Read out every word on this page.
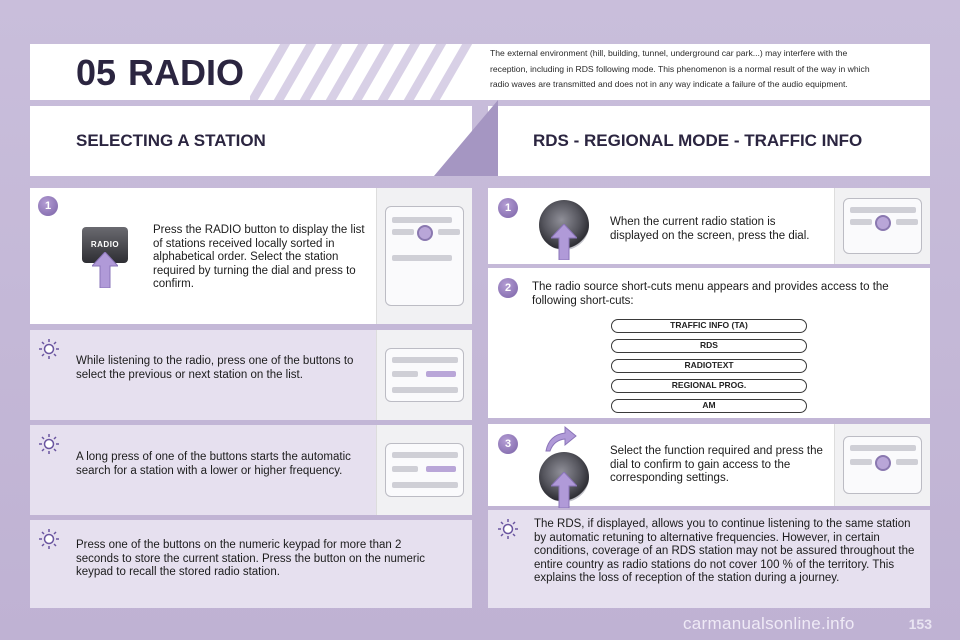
05 RADIO	The external environment (hill, building, tunnel, underground car park...) may interfere with the reception, including in RDS following mode. This phenomenon is a normal result of the way in which radio waves are transmitted and does not in any way indicate a failure of the audio equipment.
SELECTING A STATION	RDS - REGIONAL MODE - TRAFFIC INFO
1
RADIO
Press the RADIO button to display the list of stations received locally sorted in alphabetical order. Select the station required by turning the dial and press to confirm.
While listening to the radio, press one of the buttons to select the previous or next station on the list.
A long press of one of the buttons starts the automatic search for a station with a lower or higher frequency.
Press one of the buttons on the numeric keypad for more than 2 seconds to store the current station. Press the button on the numeric keypad to recall the stored radio station.
1
When the current radio station is displayed on the screen, press the dial.
2	The radio source short-cuts menu appears and provides access to the following short-cuts:
TRAFFIC INFO (TA)
RDS
RADIOTEXT
REGIONAL PROG.
AM
3
Select the function required and press the dial to confirm to gain access to the corresponding settings.
The RDS, if displayed, allows you to continue listening to the same station by automatic retuning to alternative frequencies. However, in certain conditions, coverage of an RDS station may not be assured throughout the entire country as radio stations do not cover 100 % of the territory. This explains the loss of reception of the station during a journey.
153
carmanualsonline.info
